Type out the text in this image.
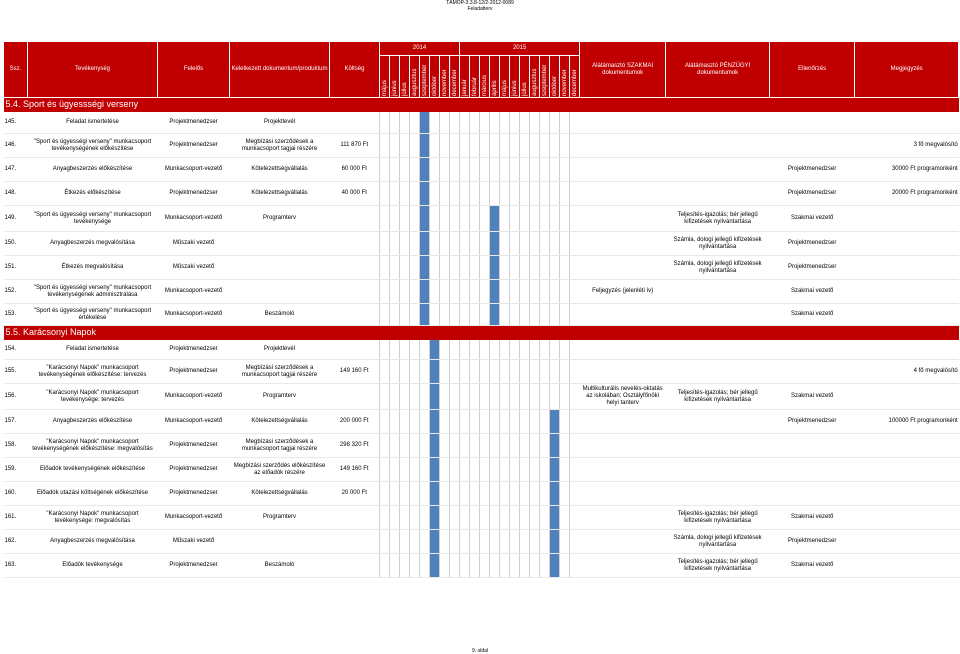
TÁMOP-3.3.8-12/2-2012-0089
Feladatterv
Ssz.	Tevékenység	Felelős	Keletkezett dokumentum/produktum	Költség	2014								2015												Alátámasztó SZAKMAI dokumentumok	Alátámasztó PÉNZÜGYI dokumentumok	Ellenőrzés	Megjegyzés
					május	június	július	augusztus	szeptember	október	november	december	január	február	március	április	május	június	július	augusztus	szeptember	október	november	december				
5.4. Sport és ügyessségi verseny																												
145.	Feladat ismertetése	Projektmenedzser	Projektlevél																									
146.	"Sport és ügyességi verseny" munkacsoport tevékenységének előkészítése	Projektmenedzser	Megbízási szerződések a munkacsoport tagjai részére	111 870 Ft																								3 fő megvalósító
147.	Anyagbeszerzés előkészítése	Munkacsoport-vezető	Kötelezettségvállalás	60 000 Ft																							Projektmenedzser	30000 Ft programonként
148.	Étkezés előkészítése	Projektmenedzser	Kötelezettségvállalás	40 000 Ft																							Projektmenedzser	20000 Ft programonként
149.	"Sport és ügyességi verseny" munkacsoport tevékenysége	Munkacsoport-vezető	Programterv																							Teljesítés-igazolás; bér jellegű kifizetések nyilvántartása	Szakmai vezető	
150.	Anyagbeszerzés megvalósítása	Műszaki vezető																								Számla, dologi jellegű kifizetések nyilvántartása	Projektmenedzser	
151.	Étkezés megvalósítása	Műszaki vezető																								Számla, dologi jellegű kifizetések nyilvántartása	Projektmenedzser	
152.	"Sport és ügyességi verseny" munkacsoport tevékenységének adminisztrálása	Munkacsoport-vezető																							Feljegyzés (jelenléti ív)		Szakmai vezető	
153.	"Sport és ügyességi verseny" munkacsoport értékelése	Munkacsoport-vezető	Beszámoló																								Szakmai vezető	
5.5. Karácsonyi Napok																												
154.	Feladat ismertetése	Projektmenedzser	Projektlevél																									
155.	"Karácsonyi Napok" munkacsoport tevékenységének előkészítése: tervezés	Projektmenedzser	Megbízási szerződések a munkacsoport tagjai részére	149 160 Ft																								4 fő megvalósító
156.	"Karácsonyi Napok" munkacsoport tevékenysége: tervezés	Munkacsoport-vezető	Programterv																						Multikulturális nevelés-oktatás az iskolában; Osztályfőnöki helyi tanterv	Teljesítés-igazolás; bér jellegű kifizetések nyilvántartása	Szakmai vezető	
157.	Anyagbeszerzés előkészítése	Munkacsoport-vezető	Kötelezettségvállalás	200 000 Ft																							Projektmenedzser	100000 Ft programonként
158.	"Karácsonyi Napok" munkacsoport tevékenységének előkészítése: megvalósítás	Projektmenedzser	Megbízási szerződések a munkacsoport tagjai részére	298 320 Ft																								
159.	Előadók tevékenységének előkészítése	Projektmenedzser	Megbízási szerződés előkészítése az előadók részére	149 160 Ft																								
160.	Előadók utazási költségének előkészítése	Projektmenedzser	Kötelezettségvállalás	20 000 Ft																								
161.	"Karácsonyi Napok" munkacsoport tevékenysége: megvalósítás	Munkacsoport-vezető	Programterv																							Teljesítés-igazolás; bér jellegű kifizetések nyilvántartása	Szakmai vezető	
162.	Anyagbeszerzés megvalósítása	Műszaki vezető																								Számla, dologi jellegű kifizetések nyilvántartása	Projektmenedzser	
163.	Előadók tevékenysége	Projektmenedzser	Beszámoló																							Teljesítés-igazolás; bér jellegű kifizetések nyilvántartása	Szakmai vezető	
9. oldal
